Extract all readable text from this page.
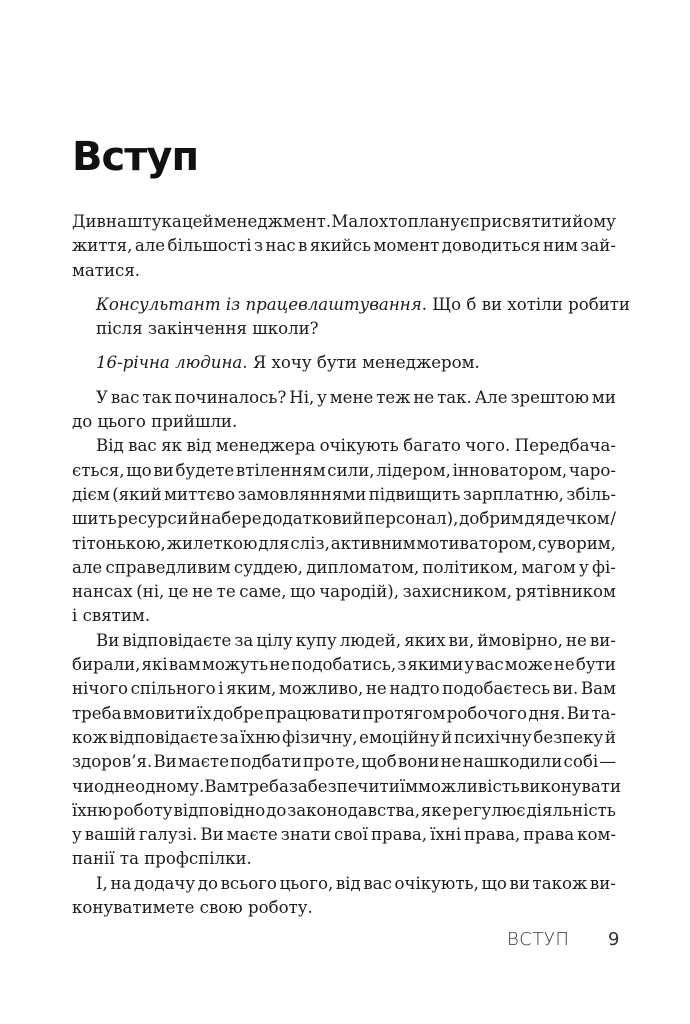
Вступ
Дивна штука цей менеджмент. Мало хто планує присвятити йому
життя, але більшості з нас в якийсь момент доводиться ним зай-
матися.
Консультант із працевлаштування . Що б ви хотіли робити
після закінчення школи?
16-річна людина . Я хочу бути менеджером.
У вас так починалось? Ні, у мене теж не так. Але зрештою ми
до цього прийшли.
Від вас як від менеджера очікують багато чого. Передбача-
ється, що ви будете втіленням сили, лідером, інноватором, чаро-
дієм (який миттєво замовляннями підвищить зарплатню, збіль-
шить ресурси й набере додатковий персонал), добрим дядечком /
тітонькою, жилеткою для сліз, активним мотиватором, суворим,
але справедливим суддею, дипломатом, політиком, магом у фі-
нансах (ні, це не те саме, що чародій), захисником, рятівником
і святим.
Ви відповідаєте за цілу купу людей, яких ви, ймовірно, не ви-
бирали, які вам можуть не подобатись, з якими у вас може не бути
нічого спільного і яким, можливо, не надто подобаєтесь ви. Вам
треба вмовити їх добре працювати протягом робочого дня. Ви та-
кож відповідаєте за їхню фізичну, емоційну й психічну безпеку й
здоров’я. Ви маєте подбати про те, щоб вони не нашкодили собі —
чи одне одному. Вам треба забезпечити їм можливість виконувати
їхню роботу відповідно до законодавства, яке регулює діяльність
у вашій галузі. Ви маєте знати свої права, їхні права, права ком-
панії та профспілки.
І, на додачу до всього цього, від вас очікують, що ви також ви-
конуватимете свою роботу.
ВСТУП 9
